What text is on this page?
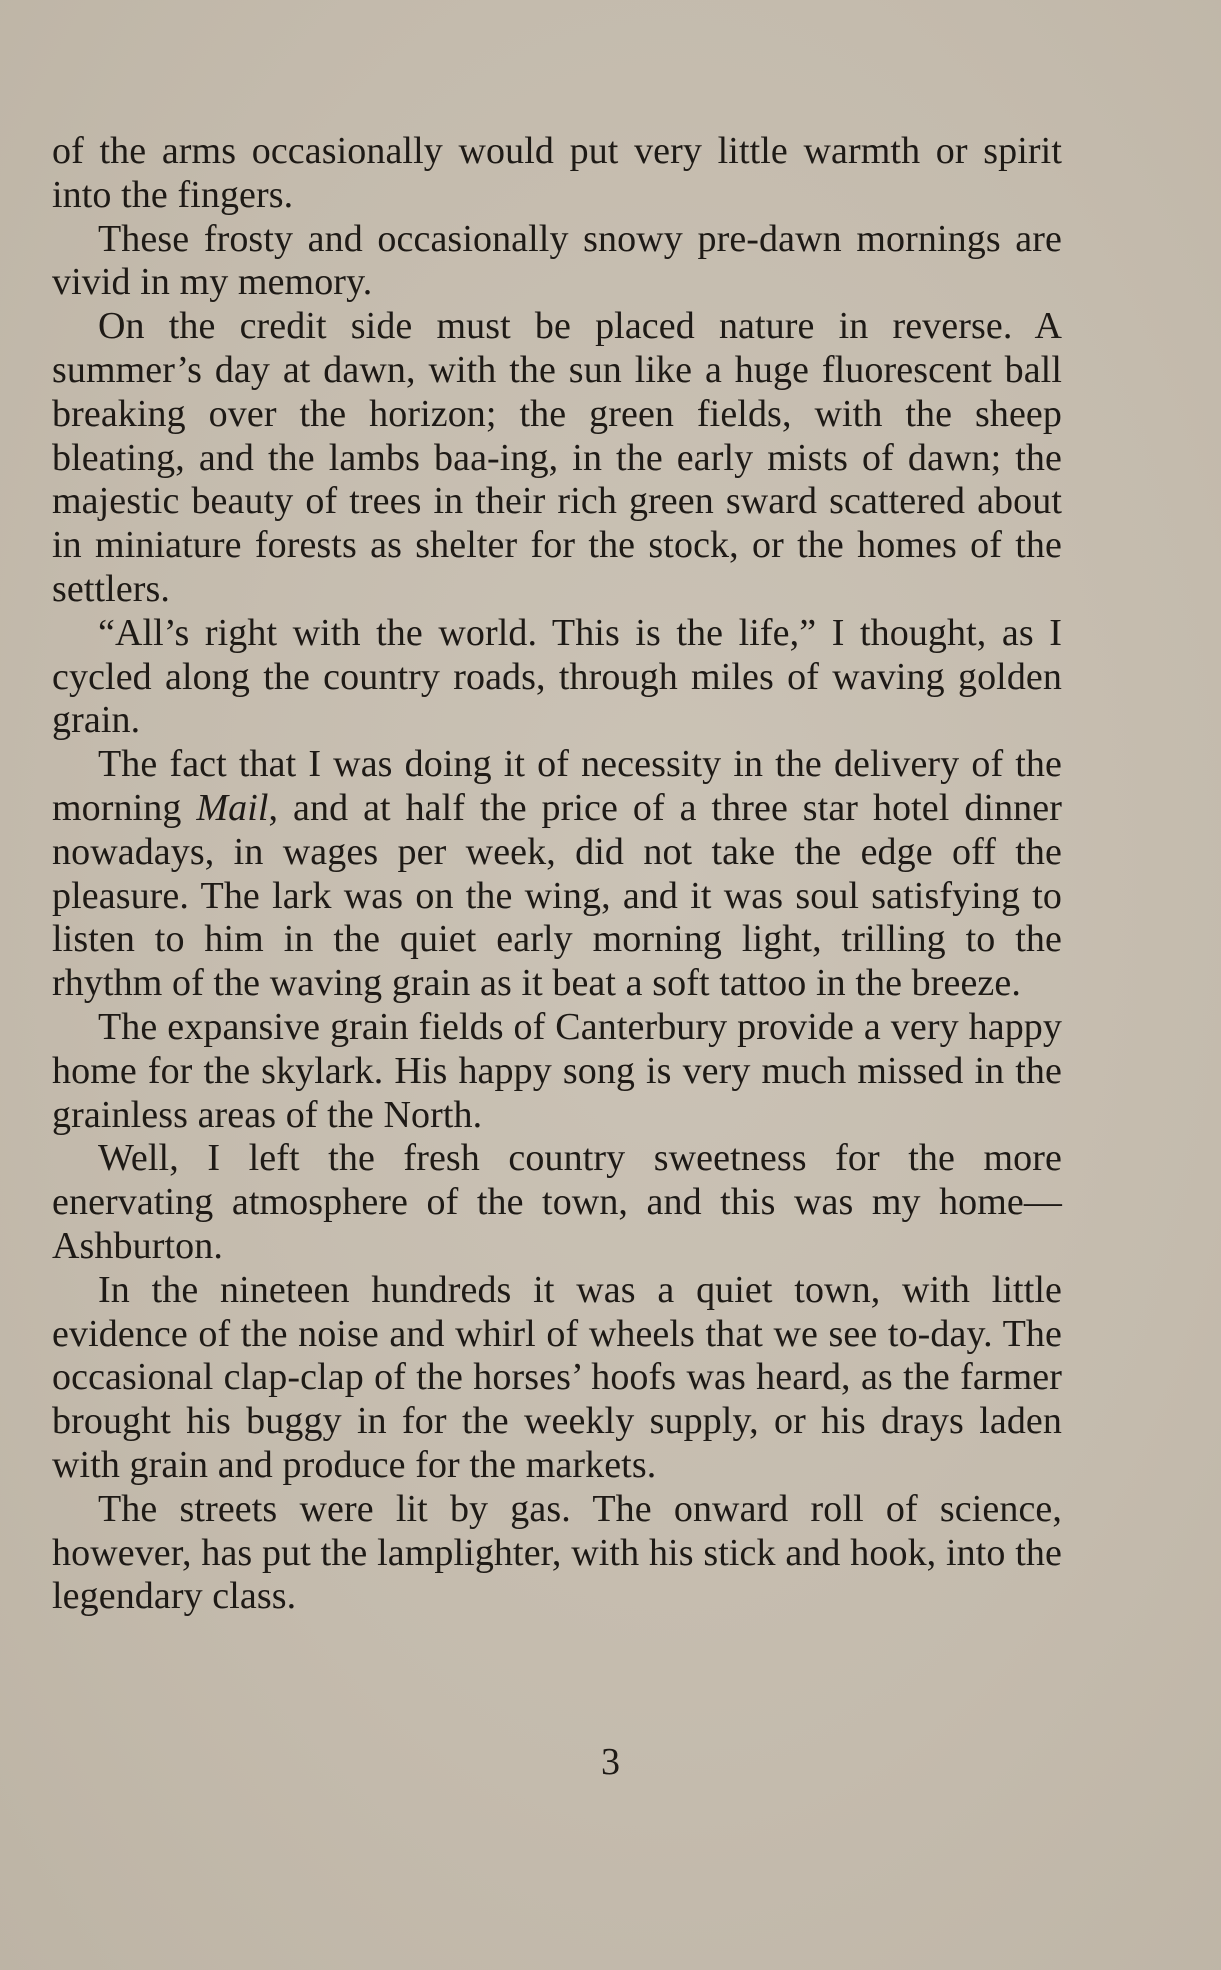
of the arms occasionally would put very little warmth or spirit into the fingers.

These frosty and occasionally snowy pre-dawn mornings are vivid in my memory.

On the credit side must be placed nature in reverse. A summer’s day at dawn, with the sun like a huge fluorescent ball breaking over the horizon; the green fields, with the sheep bleating, and the lambs baa-ing, in the early mists of dawn; the majestic beauty of trees in their rich green sward scattered about in miniature forests as shelter for the stock, or the homes of the settlers.

“All’s right with the world. This is the life,” I thought, as I cycled along the country roads, through miles of waving golden grain.

The fact that I was doing it of necessity in the delivery of the morning Mail, and at half the price of a three star hotel dinner nowadays, in wages per week, did not take the edge off the pleasure. The lark was on the wing, and it was soul satisfying to listen to him in the quiet early morning light, trilling to the rhythm of the waving grain as it beat a soft tattoo in the breeze.

The expansive grain fields of Canterbury provide a very happy home for the skylark. His happy song is very much missed in the grainless areas of the North.

Well, I left the fresh country sweetness for the more enervating atmosphere of the town, and this was my home—Ashburton.

In the nineteen hundreds it was a quiet town, with little evidence of the noise and whirl of wheels that we see to-day. The occasional clap-clap of the horses’ hoofs was heard, as the farmer brought his buggy in for the weekly supply, or his drays laden with grain and produce for the markets.

The streets were lit by gas. The onward roll of science, however, has put the lamplighter, with his stick and hook, into the legendary class.

3
